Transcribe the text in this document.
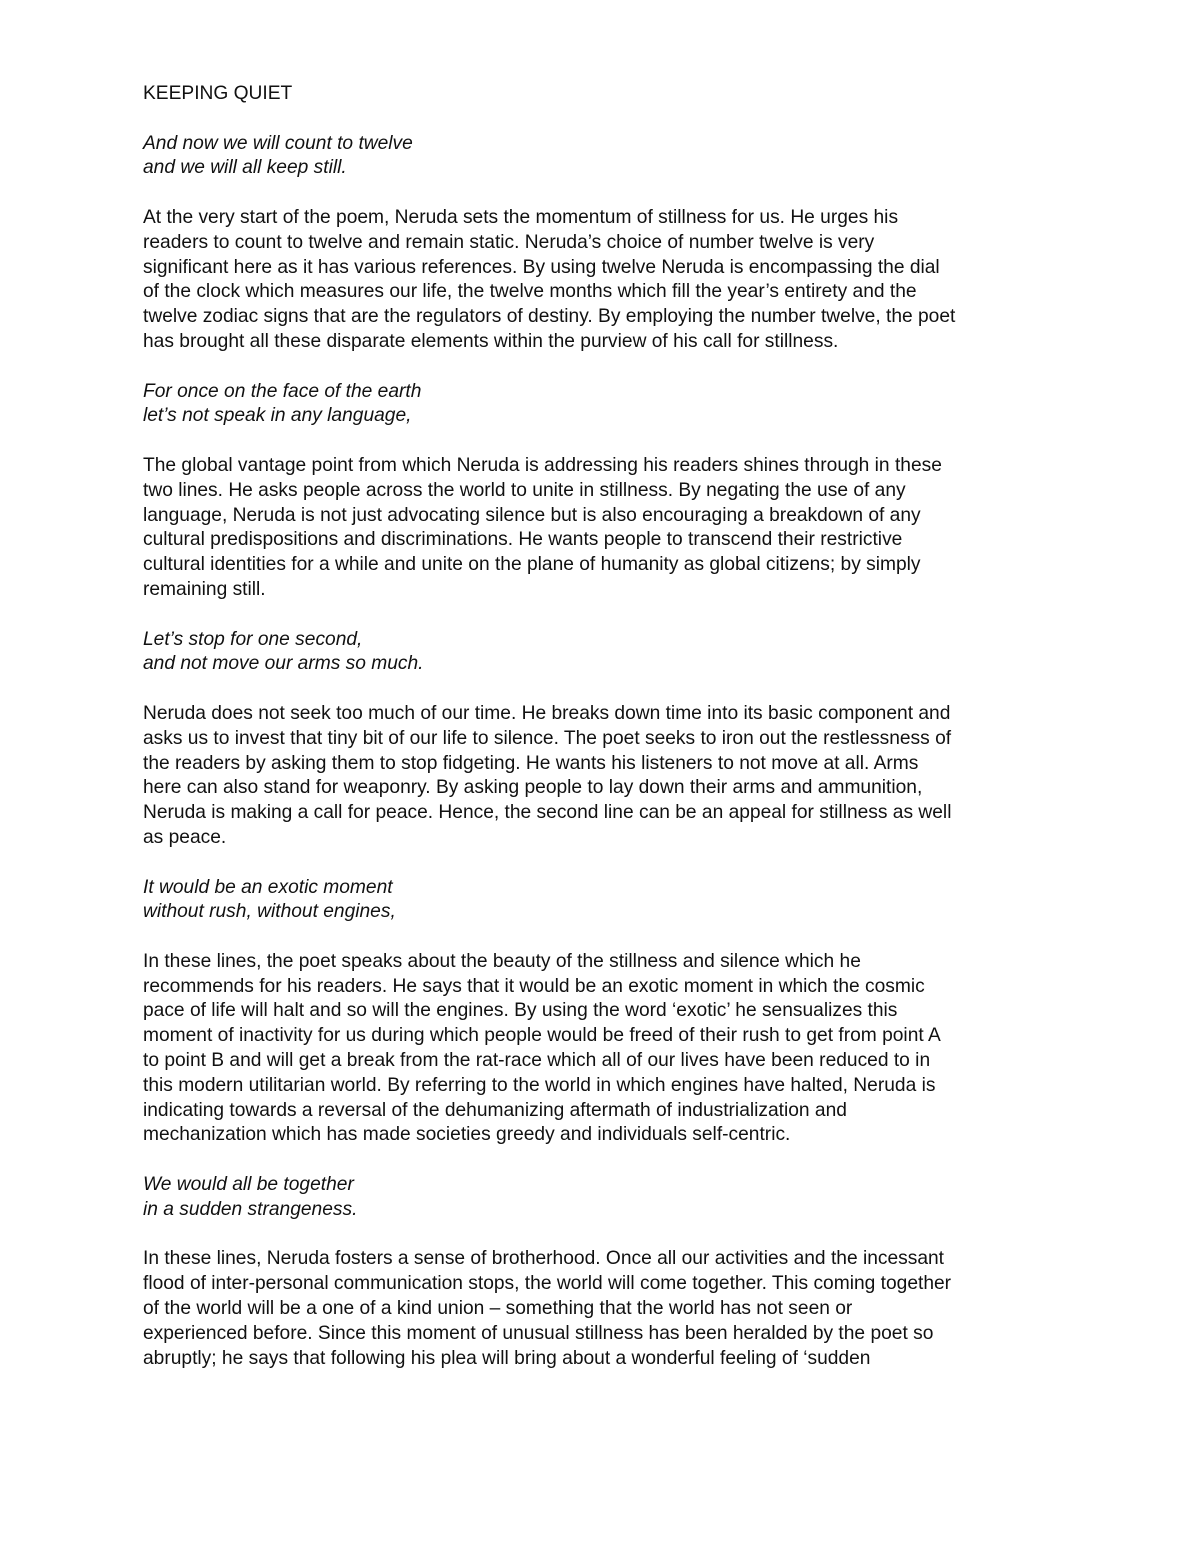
KEEPING QUIET
And now we will count to twelve
and we will all keep still.
At the very start of the poem, Neruda sets the momentum of stillness for us. He urges his
readers to count to twelve and remain static. Neruda’s choice of number twelve is very
significant here as it has various references. By using twelve Neruda is encompassing the dial
of the clock which measures our life, the twelve months which fill the year’s entirety and the
twelve zodiac signs that are the regulators of destiny. By employing the number twelve, the poet
has brought all these disparate elements within the purview of his call for stillness.
For once on the face of the earth
let’s not speak in any language,
The global vantage point from which Neruda is addressing his readers shines through in these
two lines. He asks people across the world to unite in stillness. By negating the use of any
language, Neruda is not just advocating silence but is also encouraging a breakdown of any
cultural predispositions and discriminations. He wants people to transcend their restrictive
cultural identities for a while and unite on the plane of humanity as global citizens; by simply
remaining still.
Let’s stop for one second,
and not move our arms so much.
Neruda does not seek too much of our time. He breaks down time into its basic component and
asks us to invest that tiny bit of our life to silence. The poet seeks to iron out the restlessness of
the readers by asking them to stop fidgeting. He wants his listeners to not move at all. Arms
here can also stand for weaponry. By asking people to lay down their arms and ammunition,
Neruda is making a call for peace. Hence, the second line can be an appeal for stillness as well
as peace.
It would be an exotic moment
without rush, without engines,
In these lines, the poet speaks about the beauty of the stillness and silence which he
recommends for his readers. He says that it would be an exotic moment in which the cosmic
pace of life will halt and so will the engines. By using the word ‘exotic’ he sensualizes this
moment of inactivity for us during which people would be freed of their rush to get from point A
to point B and will get a break from the rat-race which all of our lives have been reduced to in
this modern utilitarian world. By referring to the world in which engines have halted, Neruda is
indicating towards a reversal of the dehumanizing aftermath of industrialization and
mechanization which has made societies greedy and individuals self-centric.
We would all be together
in a sudden strangeness.
In these lines, Neruda fosters a sense of brotherhood. Once all our activities and the incessant
flood of inter-personal communication stops, the world will come together. This coming together
of the world will be a one of a kind union – something that the world has not seen or
experienced before. Since this moment of unusual stillness has been heralded by the poet so
abruptly; he says that following his plea will bring about a wonderful feeling of ‘sudden
